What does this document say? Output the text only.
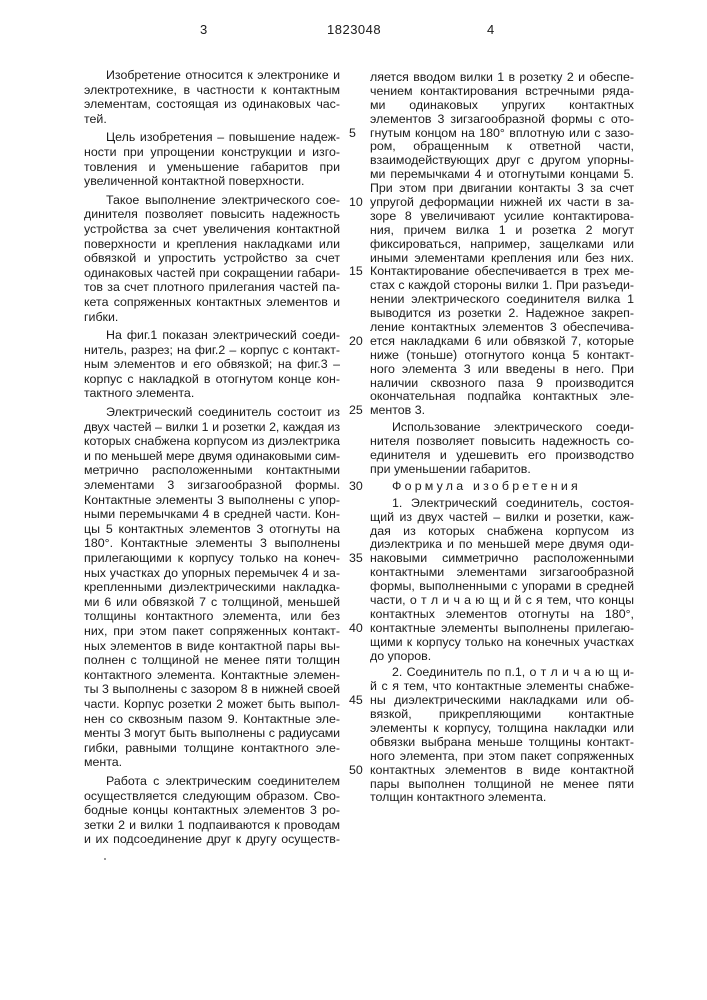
3	1823048	4
Изобретение относится к электронике и
электротехнике, в частности к контактным
элементам, состоящая из одинаковых час-
тей.
Цель изобретения – повышение надеж-
ности при упрощении конструкции и изго-
товления и уменьшение габаритов при
увеличенной контактной поверхности.
Такое выполнение электрического сое-
динителя позволяет повысить надежность
устройства за счет увеличения контактной
поверхности и крепления накладками или
обвязкой и упростить устройство за счет
одинаковых частей при сокращении габари-
тов за счет плотного прилегания частей па-
кета сопряженных контактных элементов и
гибки.
На фиг.1 показан электрический соеди-
нитель, разрез; на фиг.2 – корпус с контакт-
ным элементов и его обвязкой; на фиг.3 –
корпус с накладкой в отогнутом конце кон-
тактного элемента.
Электрический соединитель состоит из
двух частей – вилки 1 и розетки 2, каждая из
которых снабжена корпусом из диэлектрика
и по меньшей мере двумя одинаковыми сим-
метрично расположенными контактными
элементами 3 зигзагообразной формы.
Контактные элементы 3 выполнены с упор-
ными перемычками 4 в средней части. Кон-
цы 5 контактных элементов 3 отогнуты на
180°. Контактные элементы 3 выполнены
прилегающими к корпусу только на конеч-
ных участках до упорных перемычек 4 и за-
крепленными диэлектрическими накладка-
ми 6 или обвязкой 7 с толщиной, меньшей
толщины контактного элемента, или без
них, при этом пакет сопряженных контакт-
ных элементов в виде контактной пары вы-
полнен с толщиной не менее пяти толщин
контактного элемента. Контактные элемен-
ты 3 выполнены с зазором 8 в нижней своей
части. Корпус розетки 2 может быть выпол-
нен со сквозным пазом 9. Контактные эле-
менты 3 могут быть выполнены с радиусами
гибки, равными толщине контактного эле-
мента.
Работа с электрическим соединителем
осуществляется следующим образом. Сво-
бодные концы контактных элементов 3 ро-
зетки 2 и вилки 1 подпаиваются к проводам
и их подсоединение друг к другу осуществ-
ляется вводом вилки 1 в розетку 2 и обеспе-
чением контактирования встречными ряда-
ми одинаковых упругих контактных
элементов 3 зигзагообразной формы с ото-
гнутым концом на 180° вплотную или с зазо-
5
ром, обращенным к ответной части,
взаимодействующих друг с другом упорны-
ми перемычками 4 и отогнутыми концами 5.
При этом при двигании контакты 3 за счет
упругой деформации нижней их части в за-
10
зоре 8 увеличивают усилие контактирова-
ния, причем вилка 1 и розетка 2 могут
фиксироваться, например, защелками или
иными элементами крепления или без них.
Контактирование обеспечивается в трех ме-
15
стах с каждой стороны вилки 1. При разъеди-
нении электрического соединителя вилка 1
выводится из розетки 2. Надежное закреп-
ление контактных элементов 3 обеспечива-
ется накладками 6 или обвязкой 7, которые
20
ниже (тоньше) отогнутого конца 5 контакт-
ного элемента 3 или введены в него. При
наличии сквозного паза 9 производится
окончательная подпайка контактных эле-
ментов 3.
25
Использование электрического соеди-
нителя позволяет повысить надежность со-
единителя и удешевить его производство
при уменьшении габаритов.
Формула изобретения
30
1. Электрический соединитель, состоя-
щий из двух частей – вилки и розетки, каж-
дая из которых снабжена корпусом из
диэлектрика и по меньшей мере двумя оди-
наковыми симметрично расположенными
35
контактными элементами зигзагообразной
формы, выполненными с упорами в средней
части, о т л и ч а ю щ и й с я тем, что концы
контактных элементов отогнуты на 180°,
контактные элементы выполнены прилегаю-
40
щими к корпусу только на конечных участках
до упоров.
2. Соединитель по п.1, о т л и ч а ю щ и-
й с я тем, что контактные элементы снабже-
ны диэлектрическими накладками или об-
45
вязкой, прикрепляющими контактные
элементы к корпусу, толщина накладки или
обвязки выбрана меньше толщины контакт-
ного элемента, при этом пакет сопряженных
контактных элементов в виде контактной
50
пары выполнен толщиной не менее пяти
толщин контактного элемента.
